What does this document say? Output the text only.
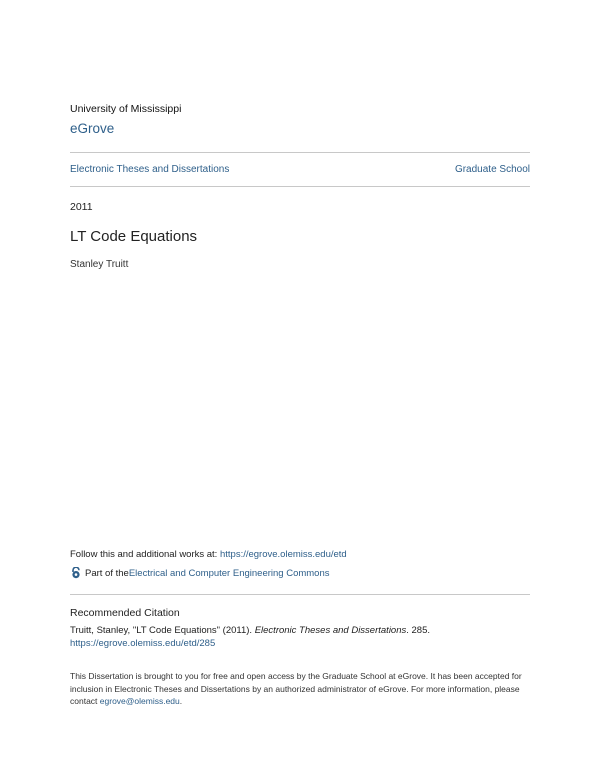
University of Mississippi
eGrove
Electronic Theses and Dissertations	Graduate School
2011
LT Code Equations
Stanley Truitt
Follow this and additional works at: https://egrove.olemiss.edu/etd
Part of the Electrical and Computer Engineering Commons
Recommended Citation
Truitt, Stanley, "LT Code Equations" (2011). Electronic Theses and Dissertations. 285.
https://egrove.olemiss.edu/etd/285
This Dissertation is brought to you for free and open access by the Graduate School at eGrove. It has been accepted for inclusion in Electronic Theses and Dissertations by an authorized administrator of eGrove. For more information, please contact egrove@olemiss.edu.
